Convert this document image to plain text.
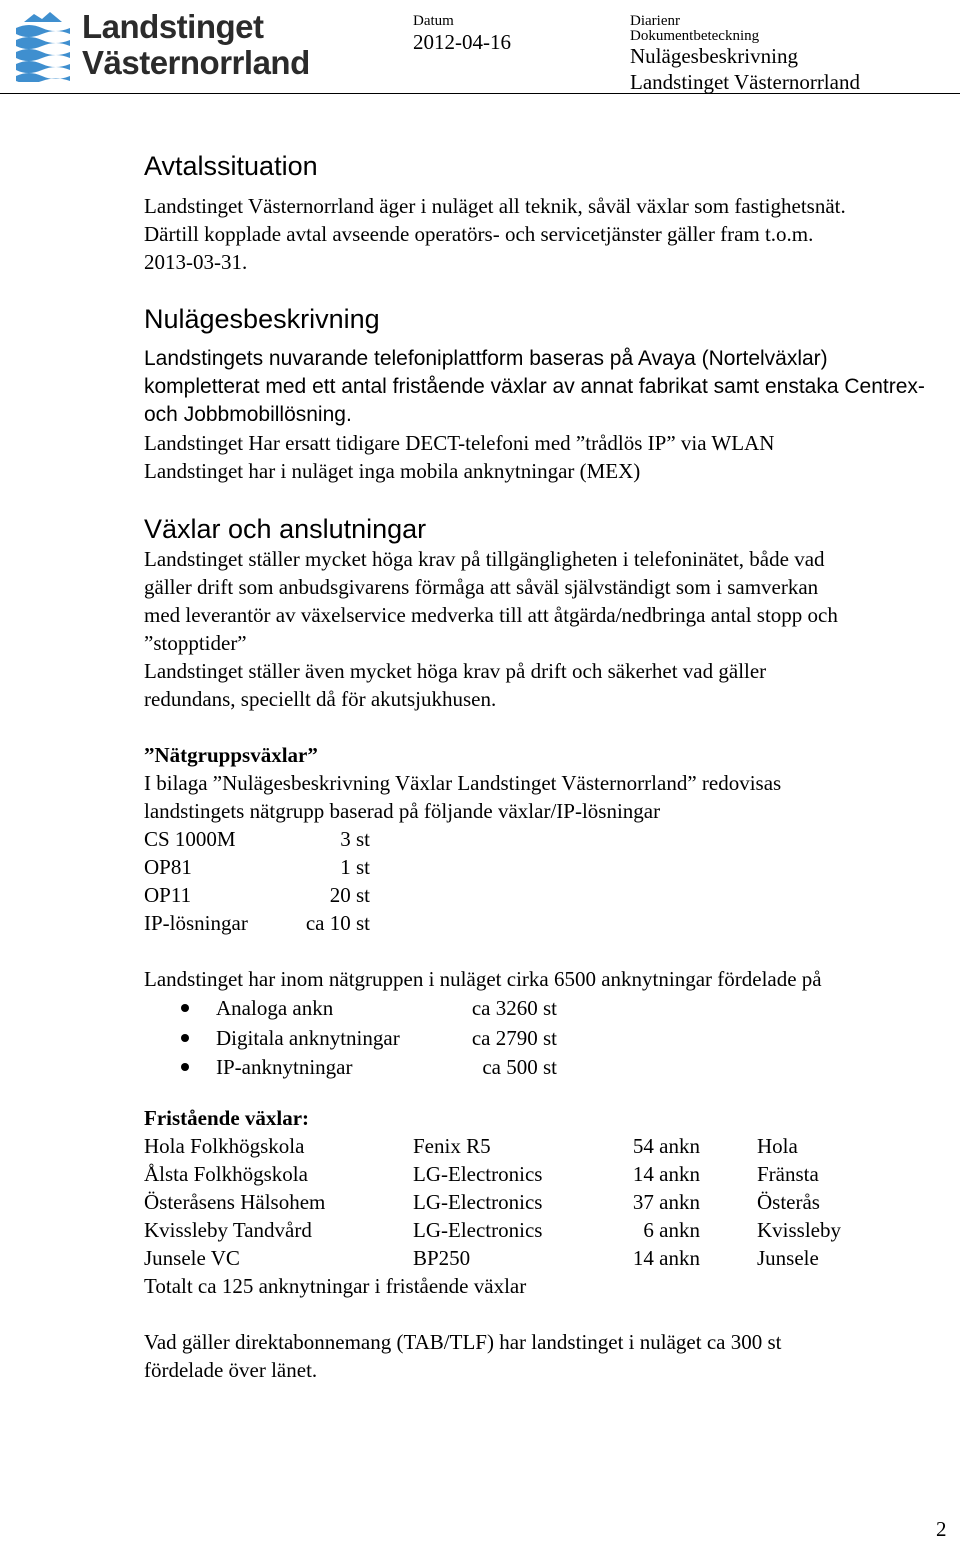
Landstinget
Västernorrland
Datum
2012-04-16
Diarienr
Dokumentbeteckning
Nulägesbeskrivning
Landstinget Västernorrland
Avtalssituation
Landstinget Västernorrland äger i nuläget all teknik, såväl växlar som fastighetsnät.
Därtill kopplade avtal avseende operatörs- och servicetjänster gäller fram t.o.m.
2013-03-31.
Nulägesbeskrivning
Landstingets nuvarande telefoniplattform baseras på Avaya (Nortelväxlar)
kompletterat med ett antal fristående växlar av annat fabrikat samt enstaka Centrex-
och Jobbmobillösning.
Landstinget Har ersatt tidigare DECT-telefoni med ”trådlös IP” via WLAN
Landstinget har i nuläget inga mobila anknytningar (MEX)
Växlar och anslutningar
Landstinget ställer mycket höga krav på tillgängligheten i telefoninätet, både vad
gäller drift som anbudsgivarens förmåga att såväl självständigt som i samverkan
med leverantör av växelservice medverka till att åtgärda/nedbringa antal stopp och
”stopptider”
Landstinget ställer även mycket höga krav på drift och säkerhet vad gäller
redundans, speciellt då för akutsjukhusen.
”Nätgruppsväxlar”
I bilaga ”Nulägesbeskrivning Växlar Landstinget Västernorrland” redovisas
landstingets nätgrupp baserad på följande växlar/IP-lösningar
CS 1000M	3 st
OP81	1 st
OP11	20 st
IP-lösningar	ca 10 st
Landstinget har inom nätgruppen i nuläget cirka 6500 anknytningar fördelade på
Analoga ankn	ca 3260 st
Digitala anknytningar	ca 2790 st
IP-anknytningar	ca 500 st
Fristående växlar:
Hola Folkhögskola	Fenix R5	54 ankn	Hola
Ålsta Folkhögskola	LG-Electronics	14 ankn	Fränsta
Österåsens Hälsohem	LG-Electronics	37 ankn	Österås
Kvissleby Tandvård	LG-Electronics	6 ankn	Kvissleby
Junsele VC	BP250	14 ankn	Junsele
Totalt ca 125 anknytningar i fristående växlar
Vad gäller direktabonnemang (TAB/TLF) har landstinget i nuläget ca 300 st
fördelade över länet.
2
